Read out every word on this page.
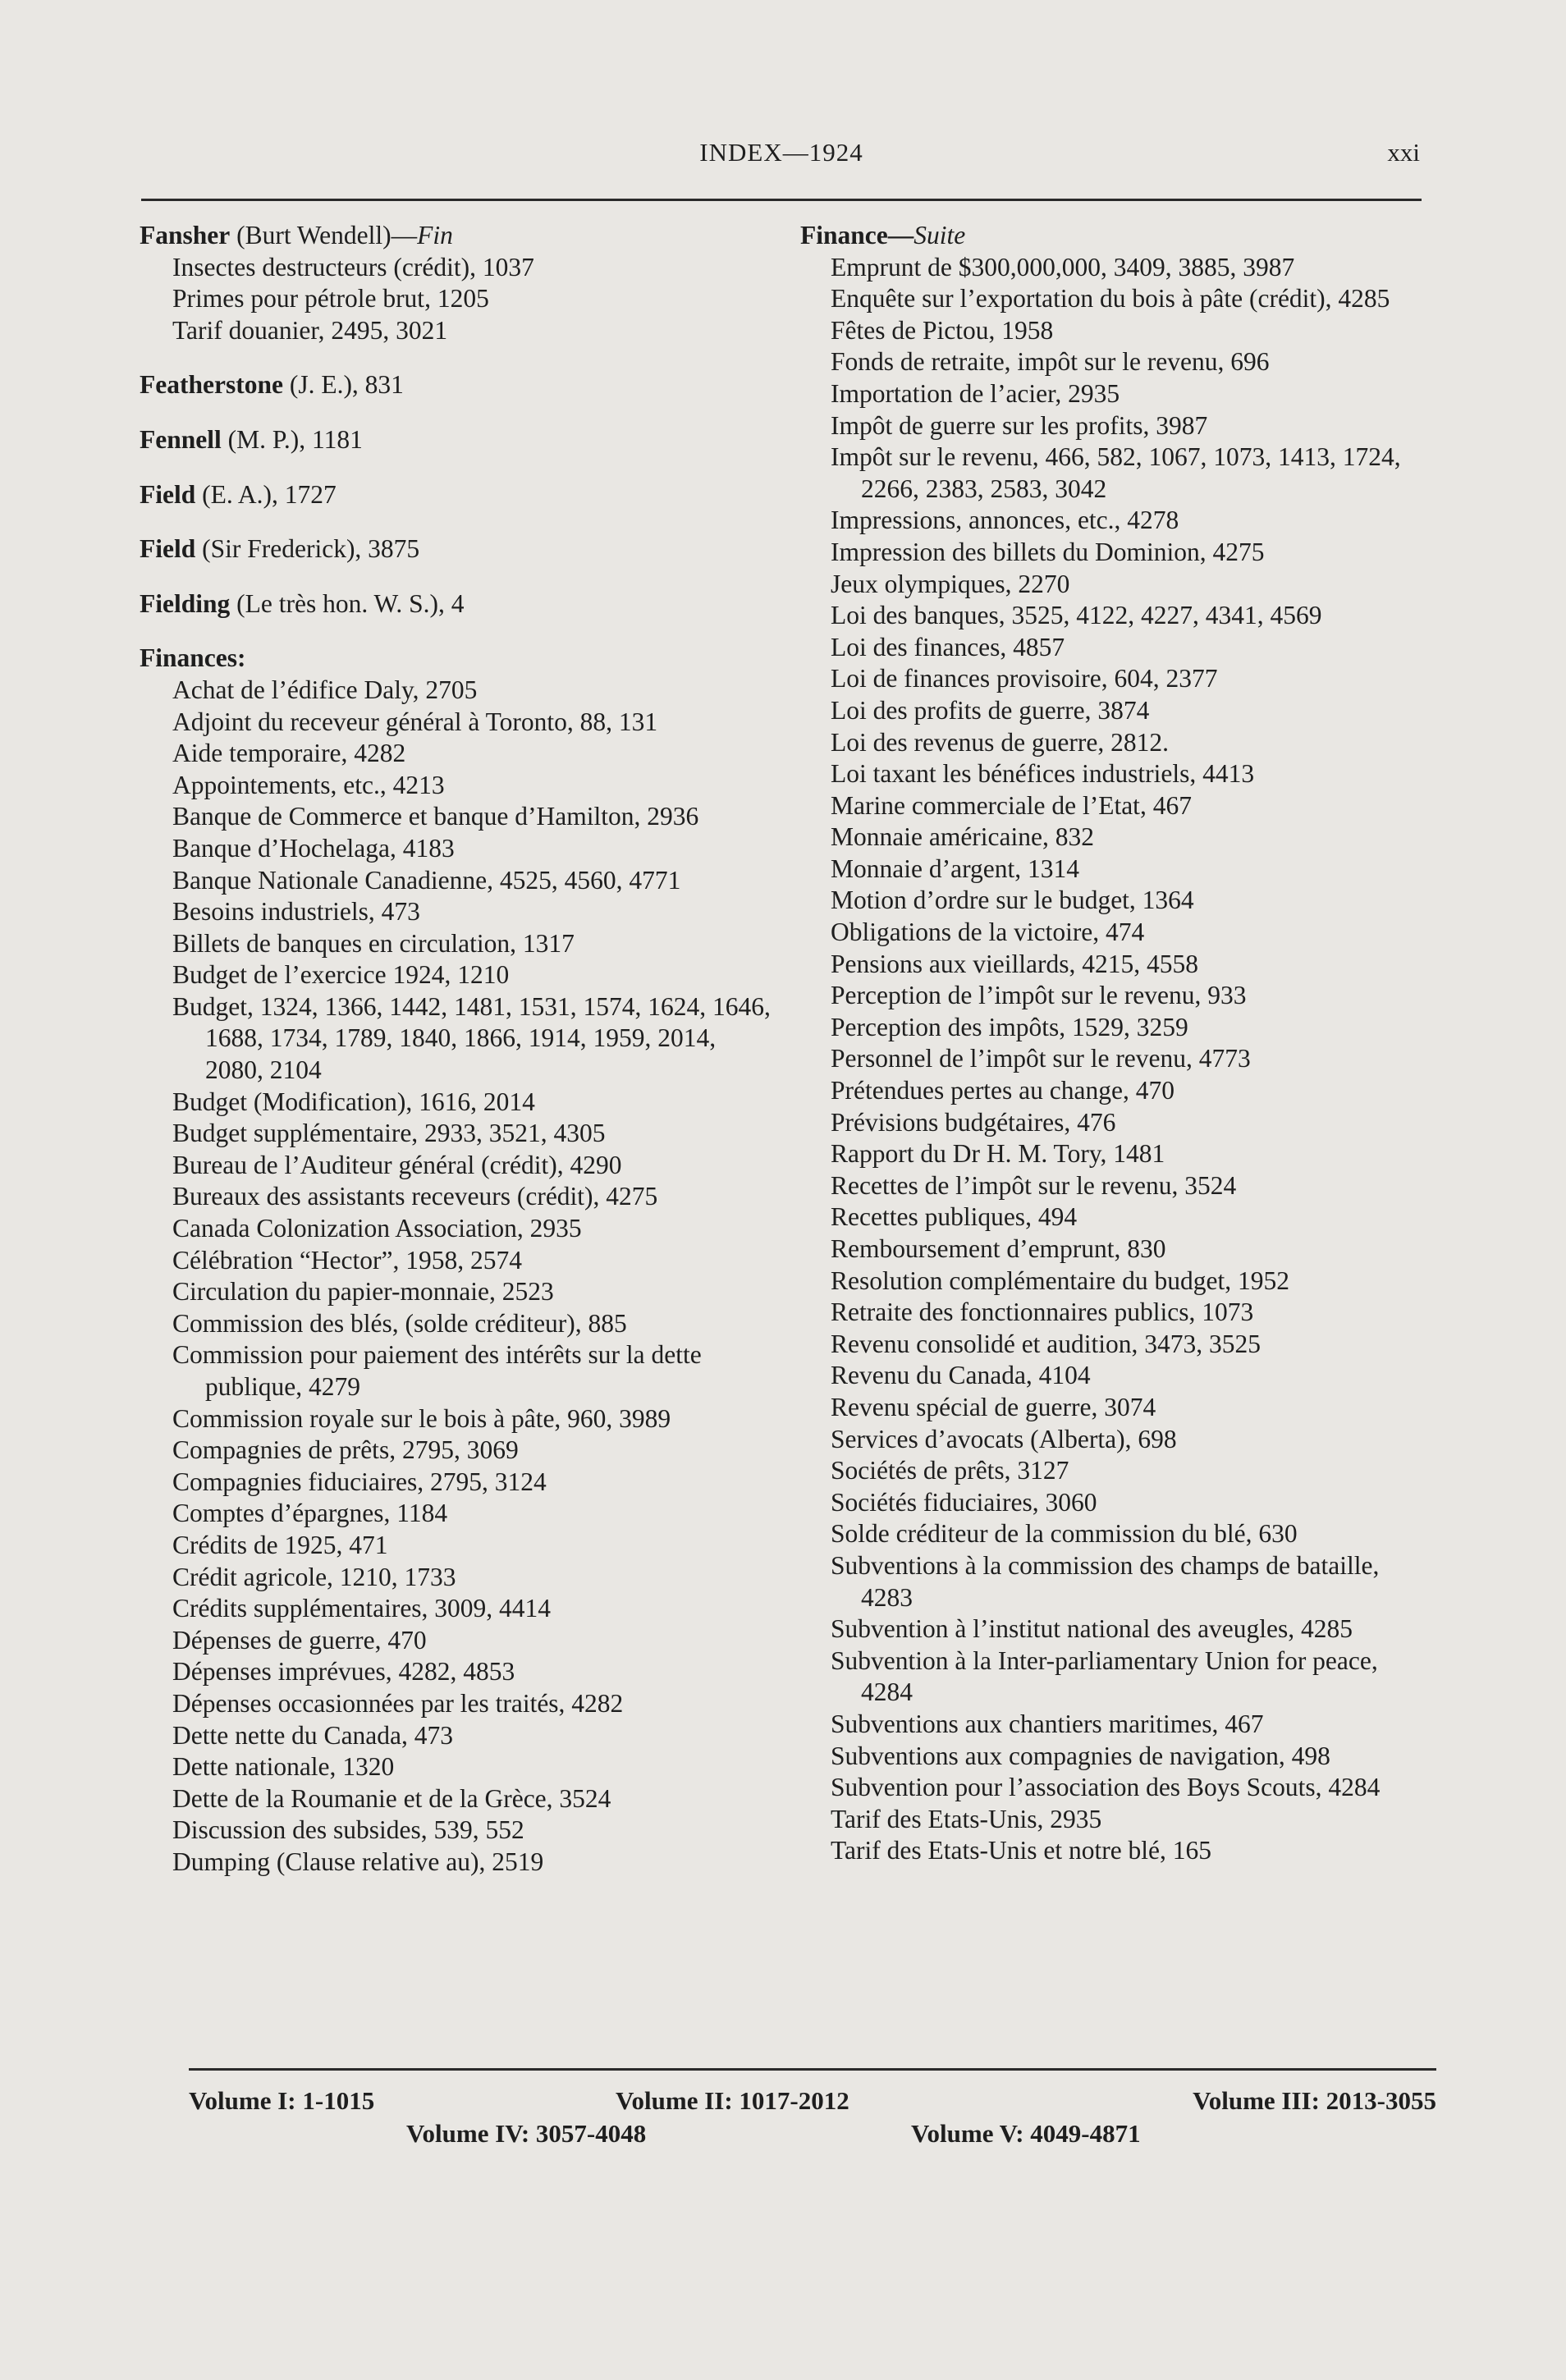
INDEX—1924	xxi

Fansher (Burt Wendell)—Fin

Insectes destructeurs (crédit), 1037

Primes pour pétrole brut, 1205

Tarif douanier, 2495, 3021

Featherstone (J. E.), 831

Fennell (M. P.), 1181

Field (E. A.), 1727

Field (Sir Frederick), 3875

Fielding (Le très hon. W. S.), 4

Finances:

Achat de l’édifice Daly, 2705

Adjoint du receveur général à Toronto, 88, 131

Aide temporaire, 4282

Appointements, etc., 4213

Banque de Commerce et banque d’Hamilton, 2936

Banque d’Hochelaga, 4183

Banque Nationale Canadienne, 4525, 4560, 4771

Besoins industriels, 473

Billets de banques en circulation, 1317

Budget de l’exercice 1924, 1210

Budget, 1324, 1366, 1442, 1481, 1531, 1574, 1624, 1646, 1688, 1734, 1789, 1840, 1866, 1914, 1959, 2014, 2080, 2104

Budget (Modification), 1616, 2014

Budget supplémentaire, 2933, 3521, 4305

Bureau de l’Auditeur général (crédit), 4290

Bureaux des assistants receveurs (crédit), 4275

Canada Colonization Association, 2935

Célébration “Hector”, 1958, 2574

Circulation du papier-monnaie, 2523

Commission des blés, (solde créditeur), 885

Commission pour paiement des intérêts sur la dette publique, 4279

Commission royale sur le bois à pâte, 960, 3989

Compagnies de prêts, 2795, 3069

Compagnies fiduciaires, 2795, 3124

Comptes d’épargnes, 1184

Crédits de 1925, 471

Crédit agricole, 1210, 1733

Crédits supplémentaires, 3009, 4414

Dépenses de guerre, 470

Dépenses imprévues, 4282, 4853

Dépenses occasionnées par les traités, 4282

Dette nette du Canada, 473

Dette nationale, 1320

Dette de la Roumanie et de la Grèce, 3524

Discussion des subsides, 539, 552

Dumping (Clause relative au), 2519

Finance—Suite

Emprunt de $300,000,000, 3409, 3885, 3987

Enquête sur l’exportation du bois à pâte (crédit), 4285

Fêtes de Pictou, 1958

Fonds de retraite, impôt sur le revenu, 696

Importation de l’acier, 2935

Impôt de guerre sur les profits, 3987

Impôt sur le revenu, 466, 582, 1067, 1073, 1413, 1724, 2266, 2383, 2583, 3042

Impressions, annonces, etc., 4278

Impression des billets du Dominion, 4275

Jeux olympiques, 2270

Loi des banques, 3525, 4122, 4227, 4341, 4569

Loi des finances, 4857

Loi de finances provisoire, 604, 2377

Loi des profits de guerre, 3874

Loi des revenus de guerre, 2812.

Loi taxant les bénéfices industriels, 4413

Marine commerciale de l’Etat, 467

Monnaie américaine, 832

Monnaie d’argent, 1314

Motion d’ordre sur le budget, 1364

Obligations de la victoire, 474

Pensions aux vieillards, 4215, 4558

Perception de l’impôt sur le revenu, 933

Perception des impôts, 1529, 3259

Personnel de l’impôt sur le revenu, 4773

Prétendues pertes au change, 470

Prévisions budgétaires, 476

Rapport du Dr H. M. Tory, 1481

Recettes de l’impôt sur le revenu, 3524

Recettes publiques, 494

Remboursement d’emprunt, 830

Resolution complémentaire du budget, 1952

Retraite des fonctionnaires publics, 1073

Revenu consolidé et audition, 3473, 3525

Revenu du Canada, 4104

Revenu spécial de guerre, 3074

Services d’avocats (Alberta), 698

Sociétés de prêts, 3127

Sociétés fiduciaires, 3060

Solde créditeur de la commission du blé, 630

Subventions à la commission des champs de bataille, 4283

Subvention à l’institut national des aveugles, 4285

Subvention à la Inter-parliamentary Union for peace, 4284

Subventions aux chantiers maritimes, 467

Subventions aux compagnies de navigation, 498

Subvention pour l’association des Boys Scouts, 4284

Tarif des Etats-Unis, 2935

Tarif des Etats-Unis et notre blé, 165

Volume I: 1-1015	Volume II: 1017-2012	Volume III: 2013-3055
Volume IV: 3057-4048	Volume V: 4049-4871
